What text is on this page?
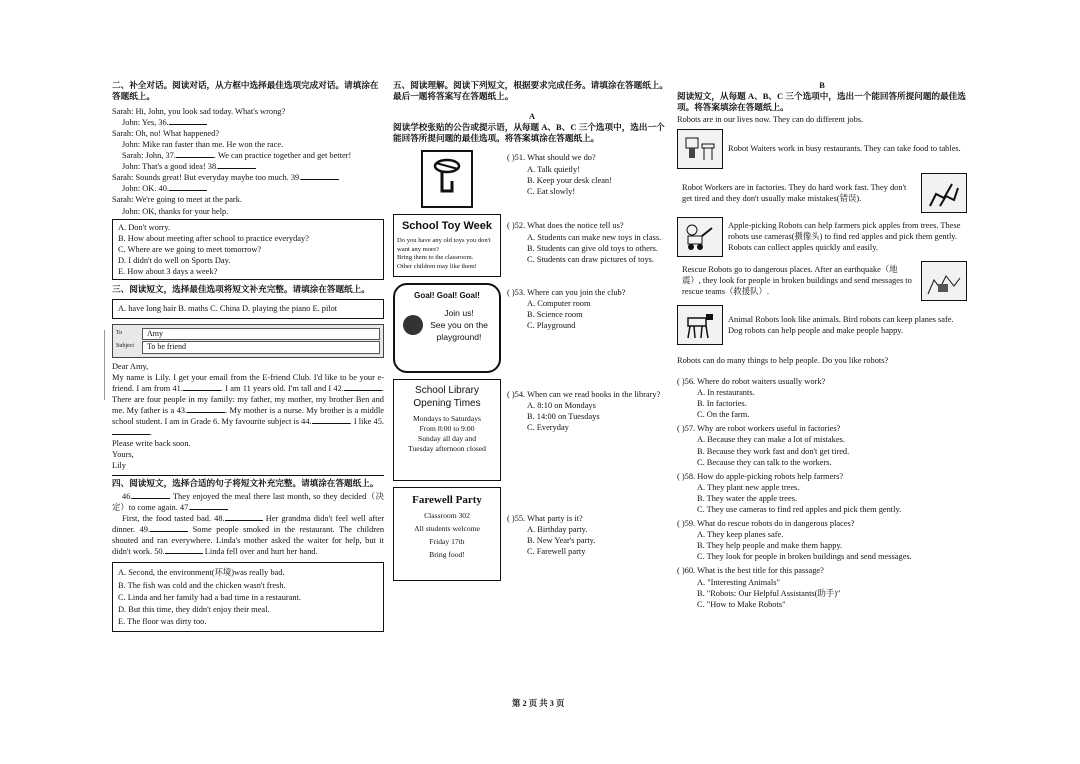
二、补全对话。阅读对话，从方框中选择最佳选项完成对话。请填涂在答题纸上。
Sarah: Hi, John, you look sad today. What's wrong?
John: Yes, 36.
Sarah: Oh, no! What happened?
John: Mike ran faster than me. He won the race.
Sarah: John, 37.	. We can practice together and get better!
John: That's a good idea! 38.
Sarah: Sounds great! But everyday maybe too much. 39.
John: OK. 40.
Sarah: We're going to meet at the park.
John: OK, thanks for your help.
A. Don't worry.
B. How about meeting after school to practice everyday?
C. Where are we going to meet tomorrow?
D. I didn't do well on Sports Day.
E. How about 3 days a week?
三、阅读短文，选择最佳选项将短文补充完整。请填涂在答题纸上。
A. have long hair B. maths C. China D. playing the piano E. pilot
To	Amy
Subject	To be friend
Dear Amy,
My name is Lily. I get your email from the E-friend Club. I'd like to be your e-friend. I am from 41.	. I am 11 years old. I'm tall and I 42.	. There are four people in my family: my father, my mother, my brother Ben and me. My father is a 43.	. My mother is a nurse. My brother is a middle school student. I am in Grade 6. My favourite subject is 44.	. I like 45..
Please write back soon.
Yours,
Lily
四、阅读短文，选择合适的句子将短文补充完整。请填涂在答题纸上。
46.	They enjoyed the meal there last month, so they decided（决定）to come again. 47.
First, the food tasted bad. 48.	Her grandma didn't feel well after dinner. 49.	Some people smoked in the restaurant. The children shouted and ran everywhere. Linda's mother asked the waiter for help, but it didn't work. 50.	Linda fell over and hurt her hand.
A. Second, the environment(环境)was really bad.
B. The fish was cold and the chicken wasn't fresh.
C. Linda and her family had a bad time in a restaurant.
D. But this time, they didn't enjoy their meal.
E. The floor was dirty too.
五、阅读理解。阅读下列短文，根据要求完成任务。请填涂在答题纸上。最后一题将答案写在答题纸上。
A
阅读学校张贴的公告或提示语，从每题 A、B、C 三个选项中，选出一个能回答所提问题的最佳选项。将答案填涂在答题纸上。
( )51. What should we do?
A. Talk quietly!
B. Keep your desk clean!
C. Eat slowly!
School Toy Week
Do you have any old toys you don't want any more?
Bring them to the classroom.
Other children may like them!
( )52. What does the notice tell us?
A. Students can make new toys in class.
B. Students can give old toys to others.
C. Students can draw pictures of toys.
Goal! Goal! Goal!
Join us!
See you on the playground!
( )53. Where can you join the club?
A. Computer room
B. Science room
C. Playground
School Library Opening Times
Mondays to Saturdays
From 8:00 to 9:00
Sunday all day and
Tuesday afternoon closed
( )54. When can we read books in the library?
A. 8:10 on Mondays
B. 14:00 on Tuesdays
C. Everyday
Farewell Party
Classroom 302
All students welcome
Friday 17th
Bring food!
( )55. What party is it?
A. Birthday party.
B. New Year's party.
C. Farewell party
B
阅读短文，从每题 A、B、C 三个选项中，选出一个能回答所提问题的最佳选项。将答案填涂在答题纸上。
Robots are in our lives now. They can do different jobs.
Robot Waiters work in busy restaurants. They can take food to tables.
Robot Workers are in factories. They do hard work fast. They don't get tired and they don't usually make mistakes(错误).
Apple-picking Robots can help farmers pick apples from trees. These robots use cameras(摄像头) to find red apples and pick them gently. Robots can collect apples quickly and easily.
Rescue Robots go to dangerous places. After an earthquake（地震）, they look for people in broken buildings and send messages to rescue teams（救援队）.
Animal Robots look like animals. Bird robots can keep planes safe. Dog robots can help people and make people happy.
Robots can do many things to help people. Do you like robots?
( )56. Where do robot waiters usually work?
A. In restaurants.
B. In factories.
C. On the farm.
( )57. Why are robot workers useful in factories?
A. Because they can make a lot of mistakes.
B. Because they work fast and don't get tired.
C. Because they can talk to the workers.
( )58. How do apple-picking robots help farmers?
A. They plant new apple trees.
B. They water the apple trees.
C. They use cameras to find red apples and pick them gently.
( )59. What do rescue robots do in dangerous places?
A. They keep planes safe.
B. They help people and make them happy.
C. They look for people in broken buildings and send messages.
( )60. What is the best title for this passage?
A. "Interesting Animals"
B. "Robots: Our Helpful Assistants(助手)"
C. "How to Make Robots"
第 2 页 共 3 页
